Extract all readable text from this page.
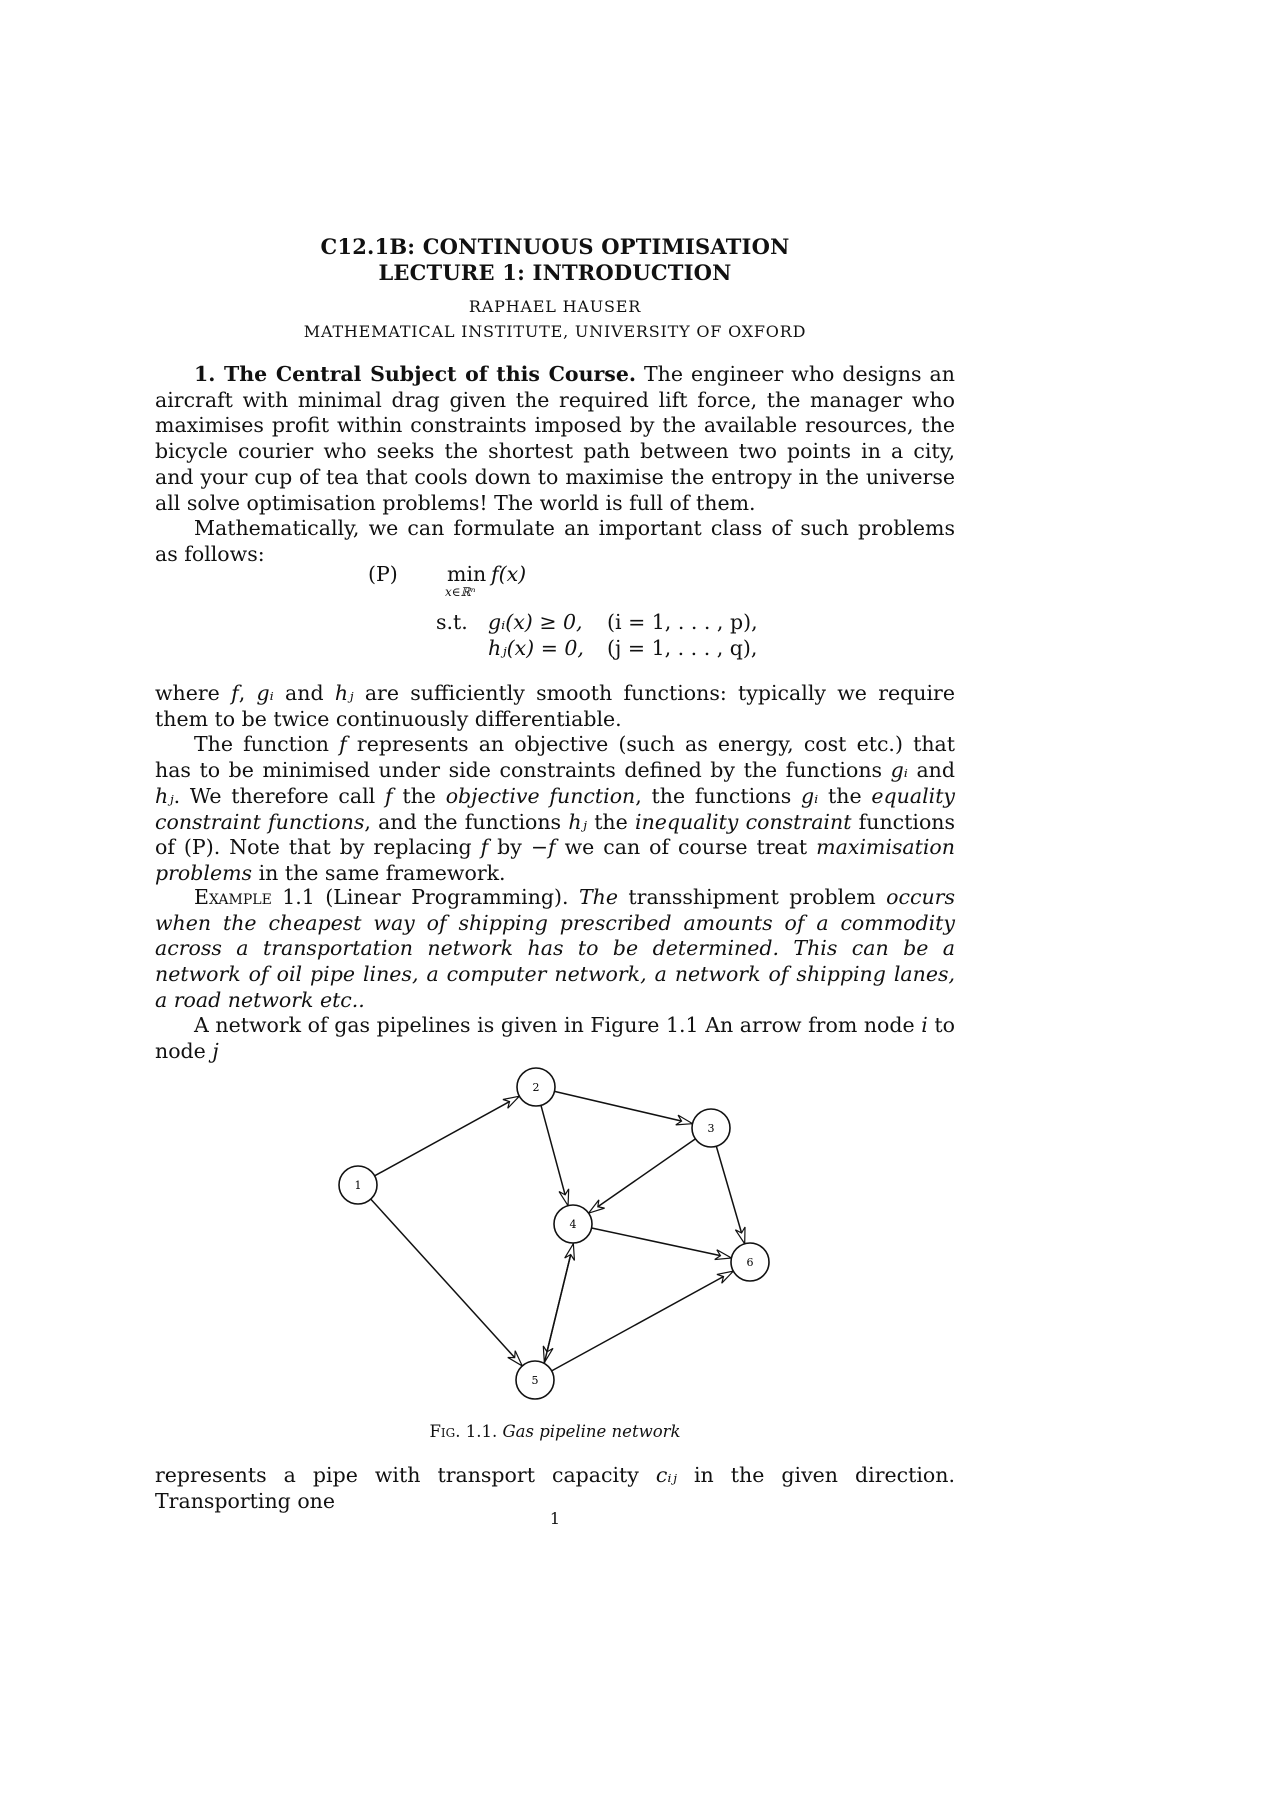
C12.1B: CONTINUOUS OPTIMISATION
LECTURE 1: INTRODUCTION
RAPHAEL HAUSER
MATHEMATICAL INSTITUTE, UNIVERSITY OF OXFORD

1. The Central Subject of this Course. The engineer who designs an aircraft with minimal drag given the required lift force, the manager who maximises profit within constraints imposed by the available resources, the bicycle courier who seeks the shortest path between two points in a city, and your cup of tea that cools down to maximise the entropy in the universe all solve optimisation problems! The world is full of them.

Mathematically, we can formulate an important class of such problems as follows:

(P) min f(x)
x∈ℝⁿ
s.t. gᵢ(x) ≥ 0, (i = 1, . . . , p),
hⱼ(x) = 0, (j = 1, . . . , q),

where f, gᵢ and hⱼ are sufficiently smooth functions: typically we require them to be twice continuously differentiable.

The function f represents an objective (such as energy, cost etc.) that has to be minimised under side constraints defined by the functions gᵢ and hⱼ. We therefore call f the objective function, the functions gᵢ the equality constraint functions, and the functions hⱼ the inequality constraint functions of (P). Note that by replacing f by −f we can of course treat maximisation problems in the same framework.

Example 1.1 (Linear Programming). The transshipment problem occurs when the cheapest way of shipping prescribed amounts of a commodity across a transportation network has to be determined. This can be a network of oil pipe lines, a computer network, a network of shipping lanes, a road network etc..

A network of gas pipelines is given in Figure 1.1 An arrow from node i to node j

1
2
3
4
5
6
Fig. 1.1. Gas pipeline network

represents a pipe with transport capacity cᵢⱼ in the given direction. Transporting one

1
